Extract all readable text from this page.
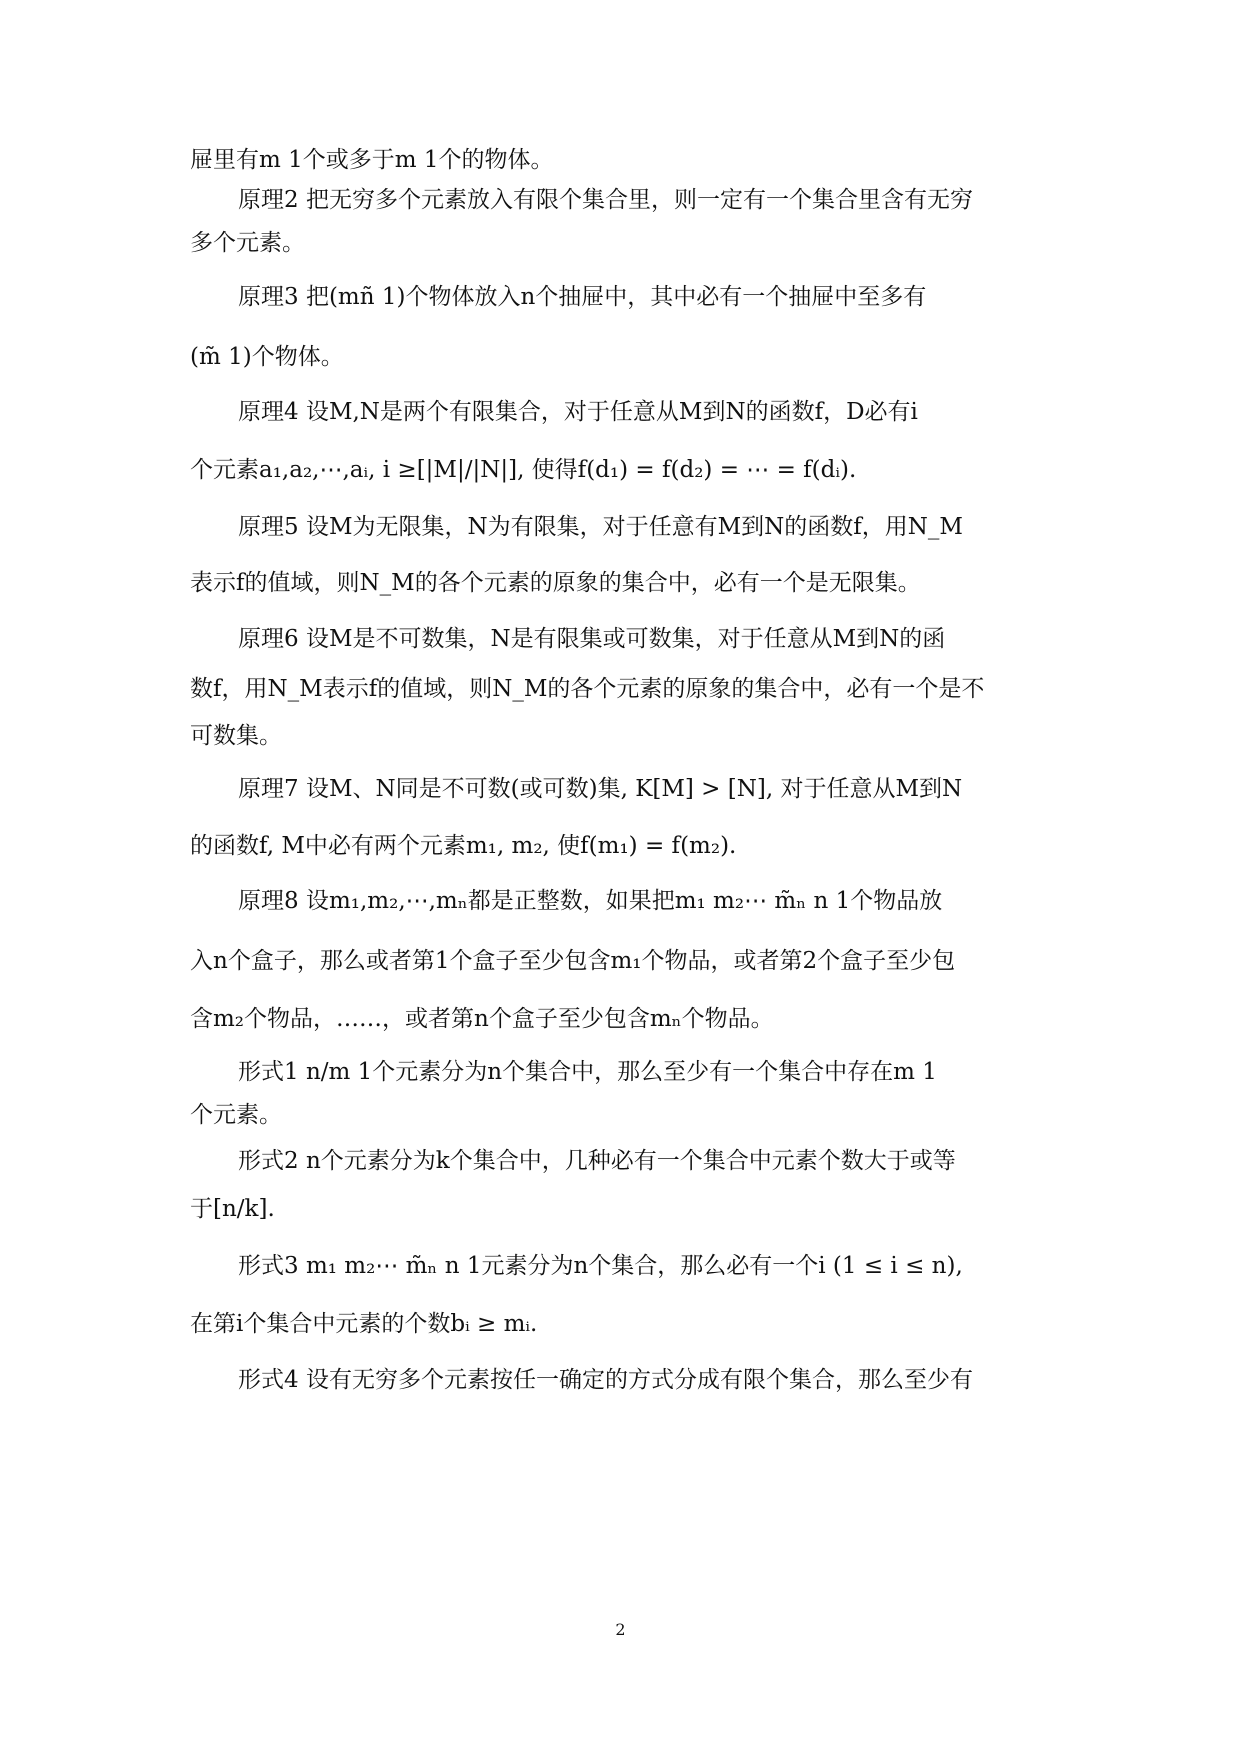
屉里有m 1个或多于m 1个的物体。
原理2 把无穷多个元素放入有限个集合里，则一定有一个集合里含有无穷
多个元素。
原理3 把(mñ 1)个物体放入n个抽屉中，其中必有一个抽屉中至多有
(m̃ 1)个物体。
原理4 设M,N是两个有限集合，对于任意从M到N的函数f，D必有i
个元素a₁,a₂,⋯,aᵢ, i ≥[|M|/|N|], 使得f(d₁) = f(d₂) = ⋯ = f(dᵢ).
原理5 设M为无限集，N为有限集，对于任意有M到N的函数f，用N_M
表示f的值域，则N_M的各个元素的原象的集合中，必有一个是无限集。
原理6 设M是不可数集，N是有限集或可数集，对于任意从M到N的函
数f，用N_M表示f的值域，则N_M的各个元素的原象的集合中，必有一个是不
可数集。
原理7 设M、N同是不可数(或可数)集, K[M] > [N], 对于任意从M到N
的函数f, M中必有两个元素m₁, m₂, 使f(m₁) = f(m₂).
原理8 设m₁,m₂,⋯,mₙ都是正整数，如果把m₁ m₂⋯ m̃ₙ n 1个物品放
入n个盒子，那么或者第1个盒子至少包含m₁个物品，或者第2个盒子至少包
含m₂个物品，……，或者第n个盒子至少包含mₙ个物品。
形式1 n/m 1个元素分为n个集合中，那么至少有一个集合中存在m 1
个元素。
形式2 n个元素分为k个集合中，几种必有一个集合中元素个数大于或等
于[n/k].
形式3 m₁ m₂⋯ m̃ₙ n 1元素分为n个集合，那么必有一个i (1 ≤ i ≤ n),
在第i个集合中元素的个数bᵢ ≥ mᵢ.
形式4 设有无穷多个元素按任一确定的方式分成有限个集合，那么至少有
2
